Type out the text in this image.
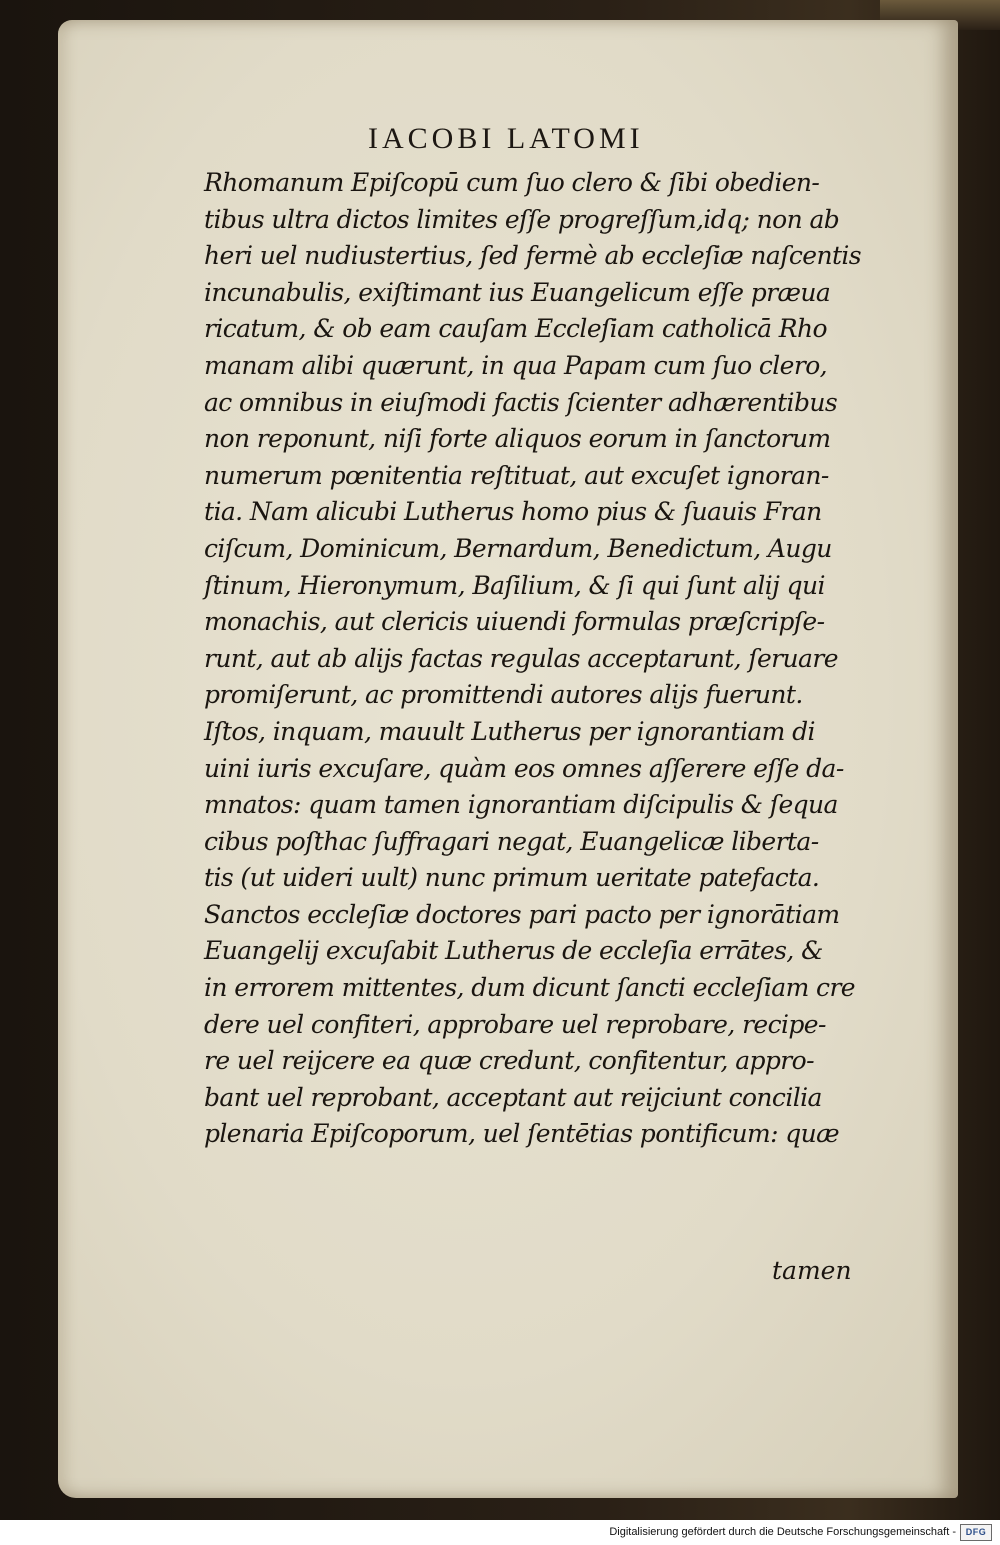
IACOBI LATOMI
Rhomanum Epiſcopū cum ſuo clero & ſibi obedien-
tibus ultra dictos limites eſſe progreſſum,idq; non ab
heri uel nudiustertius, ſed fermè ab eccleſiæ naſcentis
incunabulis, exiſtimant ius Euangelicum eſſe præua
ricatum, & ob eam cauſam Eccleſiam catholicā Rho
manam alibi quærunt, in qua Papam cum ſuo clero,
ac omnibus in eiuſmodi factis ſcienter adhærentibus
non reponunt, niſi forte aliquos eorum in ſanctorum
numerum pœnitentia reſtituat, aut excuſet ignoran-
tia. Nam alicubi Lutherus homo pius & ſuauis Fran
ciſcum, Dominicum, Bernardum, Benedictum, Augu
ſtinum, Hieronymum, Baſilium, & ſi qui ſunt alij qui
monachis, aut clericis uiuendi formulas præſcripſe-
runt, aut ab alijs factas regulas acceptarunt, ſeruare
promiſerunt, ac promittendi autores alijs fuerunt.
Iſtos, inquam, mauult Lutherus per ignorantiam di
uini iuris excuſare, quàm eos omnes aſſerere eſſe da-
mnatos: quam tamen ignorantiam diſcipulis & ſequa
cibus poſthac ſuffragari negat, Euangelicæ liberta-
tis (ut uideri uult) nunc primum ueritate patefacta.
Sanctos eccleſiæ doctores pari pacto per ignorātiam
Euangelij excuſabit Lutherus de eccleſia errātes, &
in errorem mittentes, dum dicunt ſancti eccleſiam cre
dere uel confiteri, approbare uel reprobare, recipe-
re uel reijcere ea quæ credunt, confitentur, appro-
bant uel reprobant, acceptant aut reijciunt concilia
plenaria Epiſcoporum, uel ſentētias pontificum: quæ
tamen
Digitalisierung gefördert durch die Deutsche Forschungsgemeinschaft -	DFG
